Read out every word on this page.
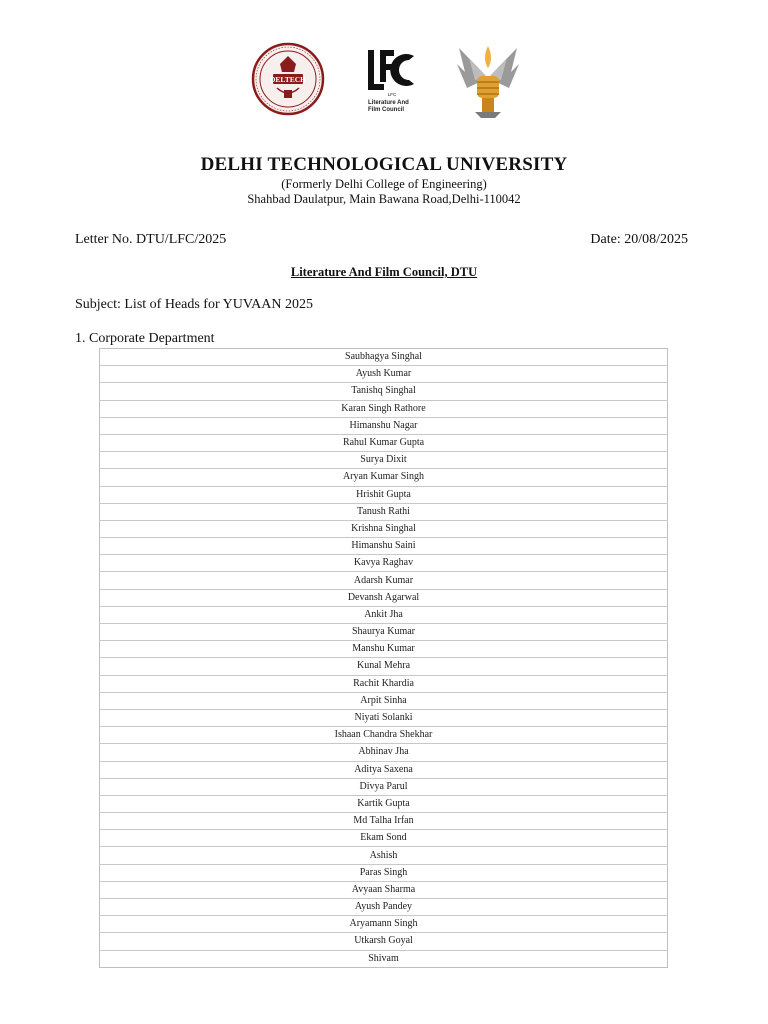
DELTECH
LFC
Literature And
Film Council
DELHI TECHNOLOGICAL UNIVERSITY
(Formerly Delhi College of Engineering)
Shahbad Daulatpur, Main Bawana Road,Delhi-110042
Letter No. DTU/LFC/2025	Date: 20/08/2025
Literature And Film Council, DTU
Subject: List of Heads for YUVAAN 2025
1. Corporate Department
Saubhagya Singhal
Ayush Kumar
Tanishq Singhal
Karan Singh Rathore
Himanshu Nagar
Rahul Kumar Gupta
Surya Dixit
Aryan Kumar Singh
Hrishit Gupta
Tanush Rathi
Krishna Singhal
Himanshu Saini
Kavya Raghav
Adarsh Kumar
Devansh Agarwal
Ankit Jha
Shaurya Kumar
Manshu Kumar
Kunal Mehra
Rachit Khardia
Arpit Sinha
Niyati Solanki
Ishaan Chandra Shekhar
Abhinav Jha
Aditya Saxena
Divya Parul
Kartik Gupta
Md Talha Irfan
Ekam Sond
Ashish
Paras Singh
Avyaan Sharma
Ayush Pandey
Aryamann Singh
Utkarsh Goyal
Shivam
